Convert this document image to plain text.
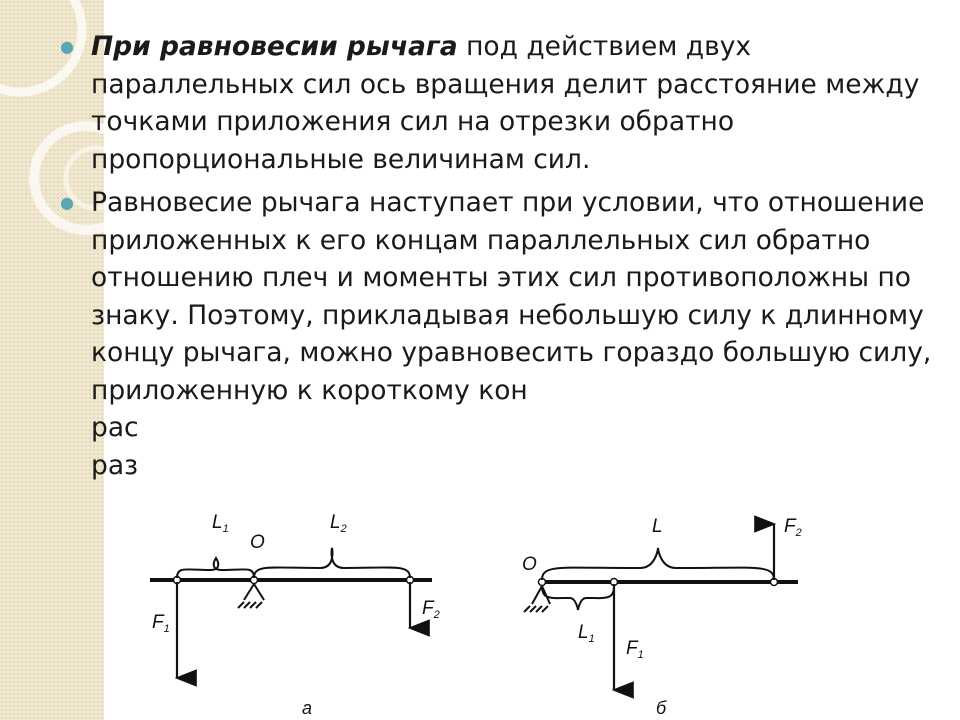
● При равновесии рычага под действием двух параллельных сил ось вращения делит расстояние между точками приложения сил на отрезки обратно пропорциональные величинам сил.
● Равновесие рычага наступает при условии, что отношение приложенных к его концам параллельных сил обратно отношению плеч и моменты этих сил противоположны по знаку. Поэтому, прикладывая небольшую силу к длинному концу рычага, можно уравновесить гораздо большую силу, приложенную к короткому кон
рас
раз
$L_1$
O
$L_2$
$F_1$
$F_2$
а
O
L
$L_1$ $F_1$
$F_2$
б
